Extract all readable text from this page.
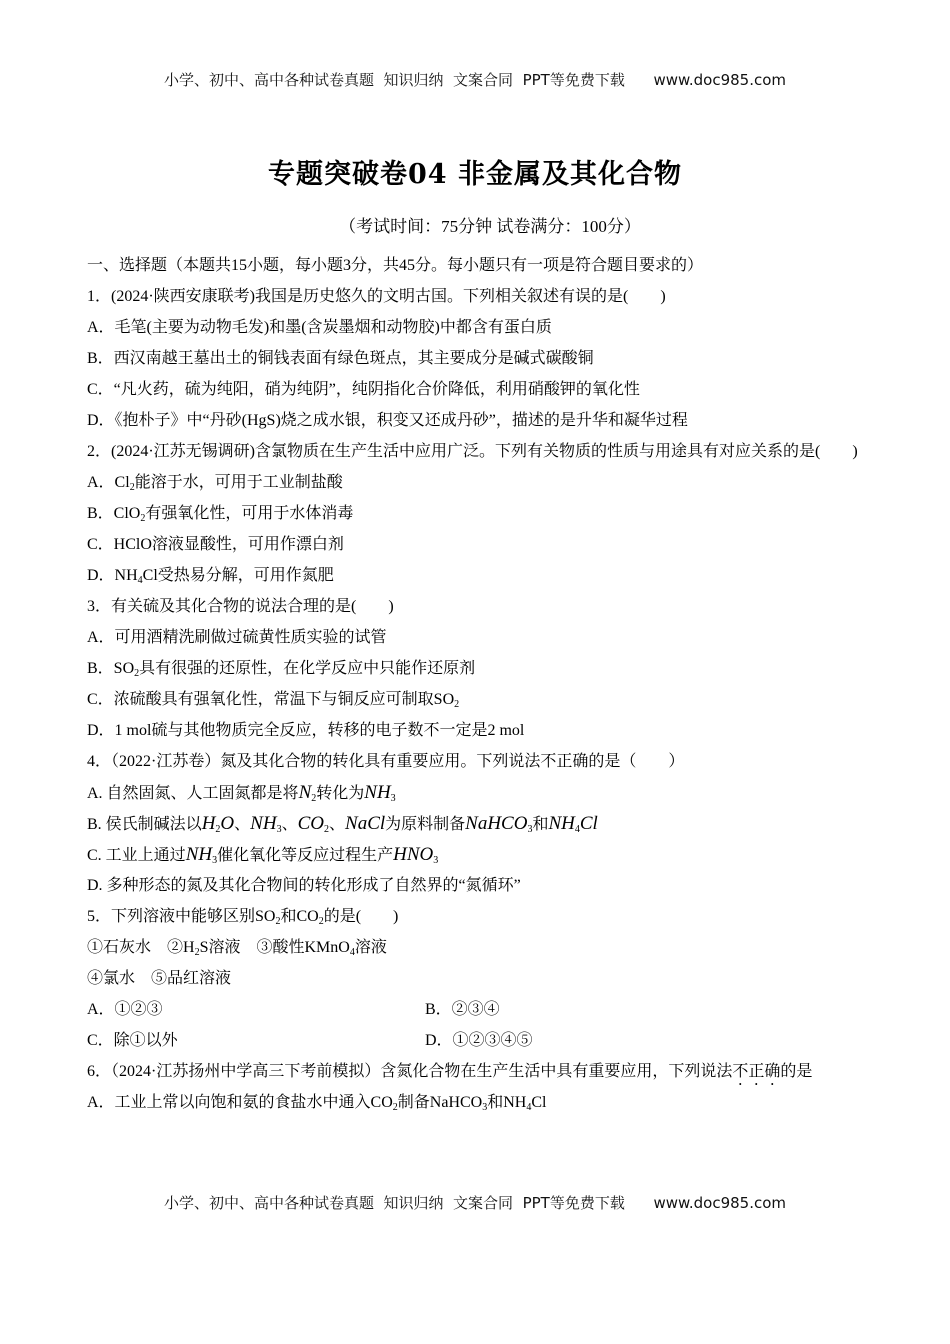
小学、初中、高中各种试卷真题  知识归纳  文案合同  PPT等免费下载      www.doc985.com
专题突破卷04 非金属及其化合物
（考试时间：75分钟 试卷满分：100分）
一、选择题（本题共15小题，每小题3分，共45分。每小题只有一项是符合题目要求的）
1．(2024·陕西安康联考)我国是历史悠久的文明古国。下列相关叙述有误的是(　　)
A．毛笔(主要为动物毛发)和墨(含炭墨烟和动物胶)中都含有蛋白质
B．西汉南越王墓出土的铜钱表面有绿色斑点，其主要成分是碱式碳酸铜
C．“凡火药，硫为纯阳，硝为纯阴”，纯阴指化合价降低，利用硝酸钾的氧化性
D．《抱朴子》中“丹砂(HgS)烧之成水银，积变又还成丹砂”，描述的是升华和凝华过程
2．(2024·江苏无锡调研)含氯物质在生产生活中应用广泛。下列有关物质的性质与用途具有对应关系的是(　　)
A．$Cl_2$能溶于水，可用于工业制盐酸
B．ClO$_2$有强氧化性，可用于水体消毒
C．HClO溶液显酸性，可用作漂白剂
D．$NH_4Cl$受热易分解，可用作氮肥
3．有关硫及其化合物的说法合理的是(　　)
A．可用酒精洗刷做过硫黄性质实验的试管
B．$SO_2$具有很强的还原性，在化学反应中只能作还原剂
C．浓硫酸具有强氧化性，常温下与铜反应可制取$SO_2$
D．1 mol硫与其他物质完全反应，转移的电子数不一定是2 mol
4．（2022·江苏卷）氮及其化合物的转化具有重要应用。下列说法不正确的是（　　）
A. 自然固氮、人工固氮都是将$N_2$转化为$NH_3$
B. 侯氏制碱法以$H_2O$、$NH_3$、$CO_2$、NaCl为原料制备NaHCO$_3$和$NH_4Cl$
C. 工业上通过$NH_3$催化氧化等反应过程生产$HNO_3$
D. 多种形态的氮及其化合物间的转化形成了自然界的“氮循环”
5．下列溶液中能够区别$SO_2$和$CO_2$的是(　　)
①石灰水　$②H_2S$溶液　③酸性KMnO$_4$溶液
④氯水　⑤品红溶液
A．①②③	B．②③④
C．除①以外	D．①②③④⑤
6．（2024·江苏扬州中学高三下考前模拟）含氮化合物在生产生活中具有重要应用，下列说法不正确的是
A．工业上常以向饱和氨的食盐水中通入$CO_2$制备NaHCO$_3$和$NH_4Cl$
小学、初中、高中各种试卷真题  知识归纳  文案合同  PPT等免费下载      www.doc985.com
